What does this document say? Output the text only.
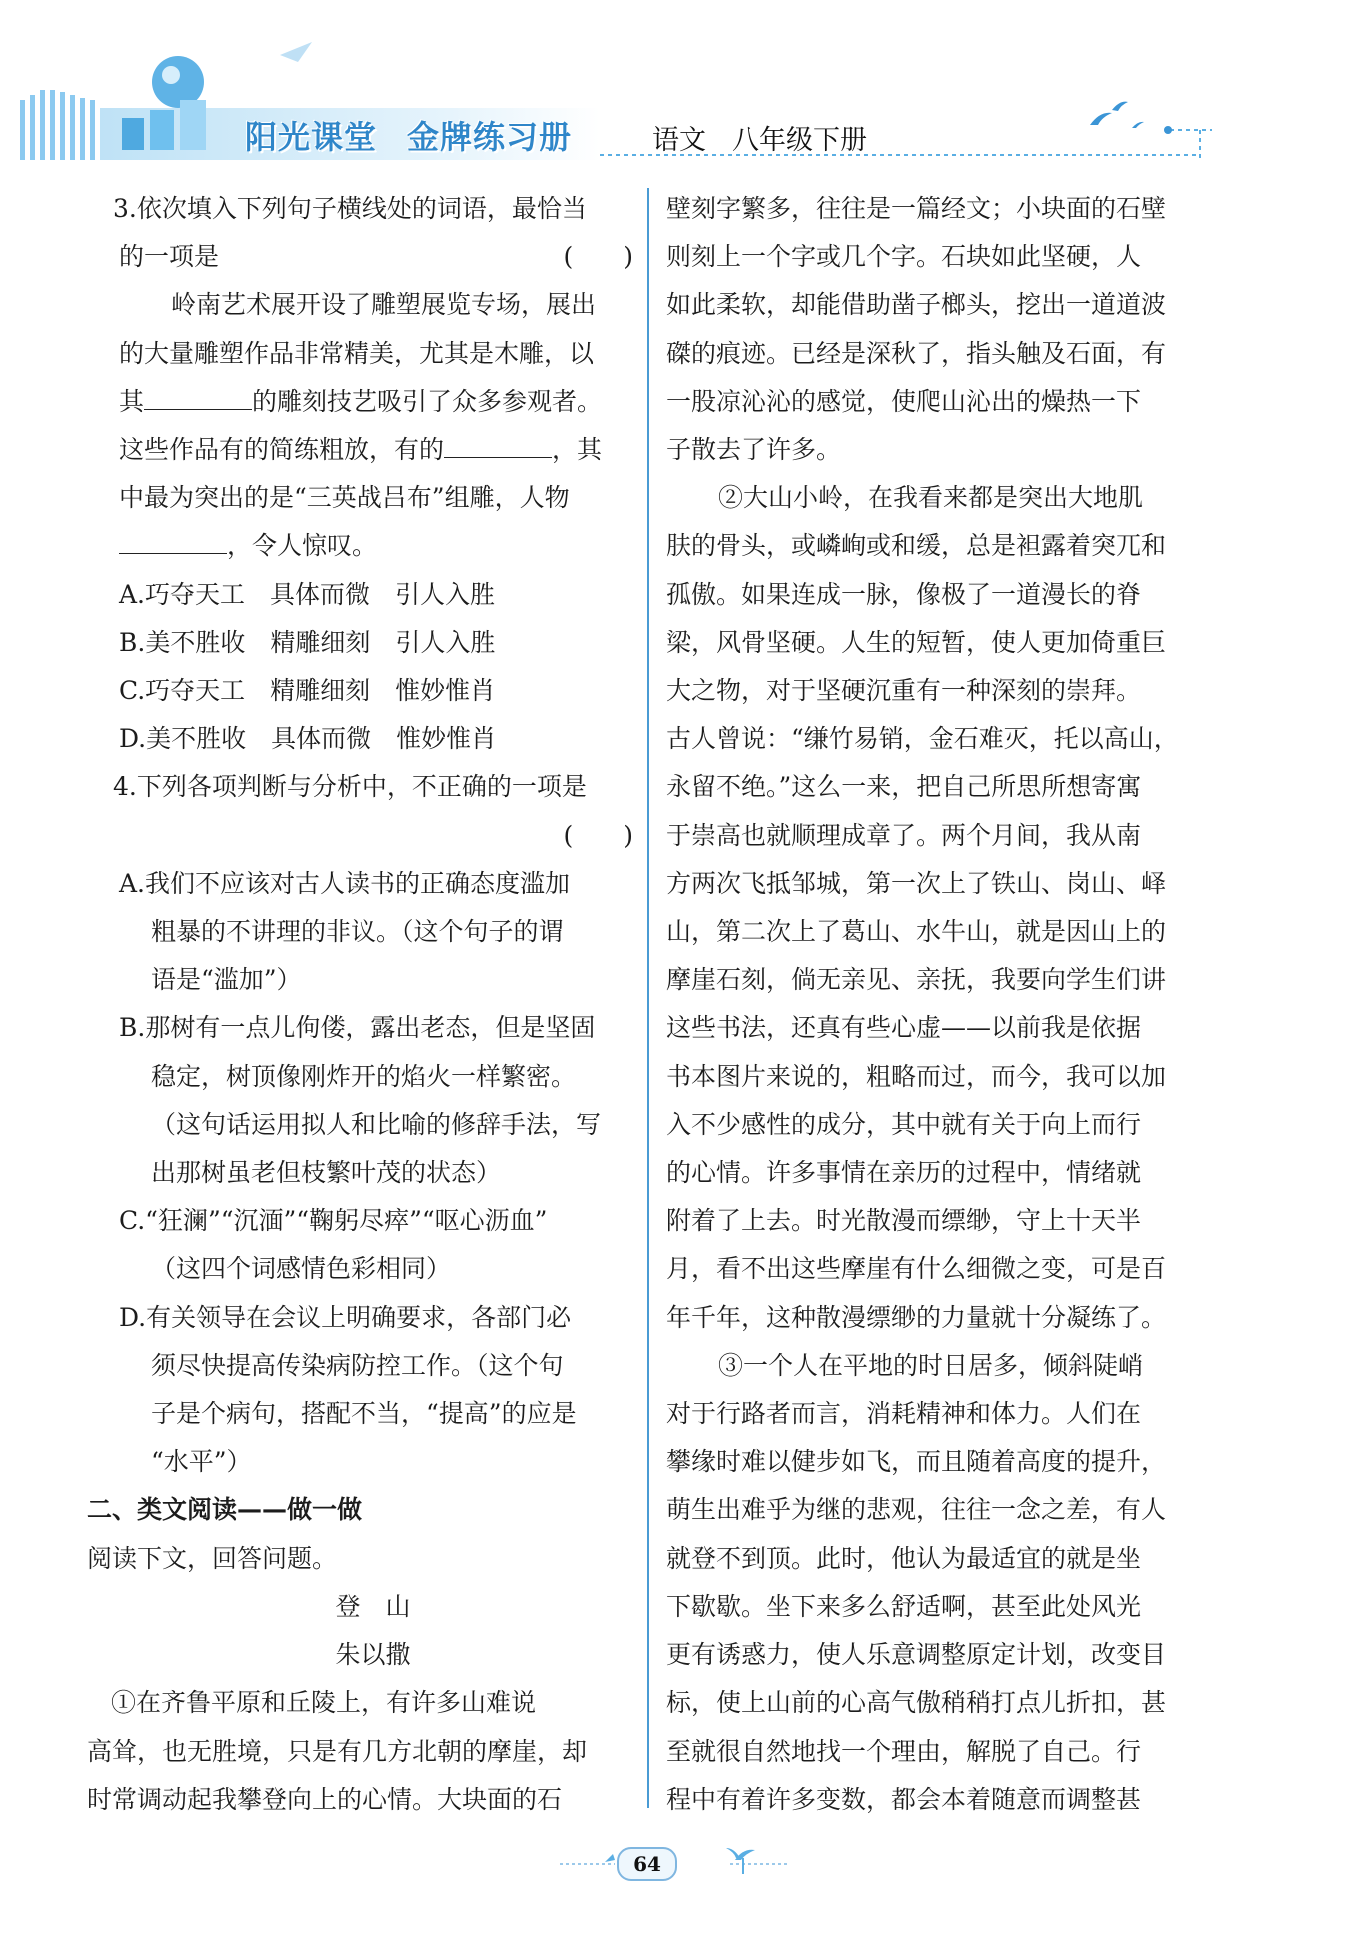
阳光课堂 金牌练习册	语文 八年级下册

3.依次填入下列句子横线处的词语，最恰当

的一项是	(　　)

岭南艺术展开设了雕塑展览专场，展出

的大量雕塑作品非常精美，尤其是木雕，以

其	的雕刻技艺吸引了众多参观者。

这些作品有的简练粗放，有的	，其

中最为突出的是“三英战吕布”组雕，人物

，令人惊叹。

A.巧夺天工　具体而微　引人入胜

B.美不胜收　精雕细刻　引人入胜

C.巧夺天工　精雕细刻　惟妙惟肖

D.美不胜收　具体而微　惟妙惟肖

4.下列各项判断与分析中，不正确的一项是

(　　)

A.我们不应该对古人读书的正确态度滥加

粗暴的不讲理的非议。（这个句子的谓

语是“滥加”）

B.那树有一点儿佝偻，露出老态，但是坚固

稳定，树顶像刚炸开的焰火一样繁密。

（这句话运用拟人和比喻的修辞手法，写

出那树虽老但枝繁叶茂的状态）

C.“狂澜”“沉湎”“鞠躬尽瘁”“呕心沥血”

（这四个词感情色彩相同）

D.有关领导在会议上明确要求，各部门必

须尽快提高传染病防控工作。（这个句

子是个病句，搭配不当，“提高”的应是

“水平”）

二、类文阅读——做一做

阅读下文，回答问题。

登　山

朱以撒

①在齐鲁平原和丘陵上，有许多山难说

高耸，也无胜境，只是有几方北朝的摩崖，却

时常调动起我攀登向上的心情。大块面的石

壁刻字繁多，往往是一篇经文；小块面的石壁

则刻上一个字或几个字。石块如此坚硬，人

如此柔软，却能借助凿子榔头，挖出一道道波

磔的痕迹。已经是深秋了，指头触及石面，有

一股凉沁沁的感觉，使爬山沁出的燥热一下

子散去了许多。

②大山小岭，在我看来都是突出大地肌

肤的骨头，或嶙峋或和缓，总是袒露着突兀和

孤傲。如果连成一脉，像极了一道漫长的脊

梁，风骨坚硬。人生的短暂，使人更加倚重巨

大之物，对于坚硬沉重有一种深刻的崇拜。

古人曾说：“缣竹易销，金石难灭，托以高山，

永留不绝。”这么一来，把自己所思所想寄寓

于崇高也就顺理成章了。两个月间，我从南

方两次飞抵邹城，第一次上了铁山、岗山、峄

山，第二次上了葛山、水牛山，就是因山上的

摩崖石刻，倘无亲见、亲抚，我要向学生们讲

这些书法，还真有些心虚——以前我是依据

书本图片来说的，粗略而过，而今，我可以加

入不少感性的成分，其中就有关于向上而行

的心情。许多事情在亲历的过程中，情绪就

附着了上去。时光散漫而缥缈，守上十天半

月，看不出这些摩崖有什么细微之变，可是百

年千年，这种散漫缥缈的力量就十分凝练了。

③一个人在平地的时日居多，倾斜陡峭

对于行路者而言，消耗精神和体力。人们在

攀缘时难以健步如飞，而且随着高度的提升，

萌生出难乎为继的悲观，往往一念之差，有人

就登不到顶。此时，他认为最适宜的就是坐

下歇歇。坐下来多么舒适啊，甚至此处风光

更有诱惑力，使人乐意调整原定计划，改变目

标，使上山前的心高气傲稍稍打点儿折扣，甚

至就很自然地找一个理由，解脱了自己。行

程中有着许多变数，都会本着随意而调整甚

64
